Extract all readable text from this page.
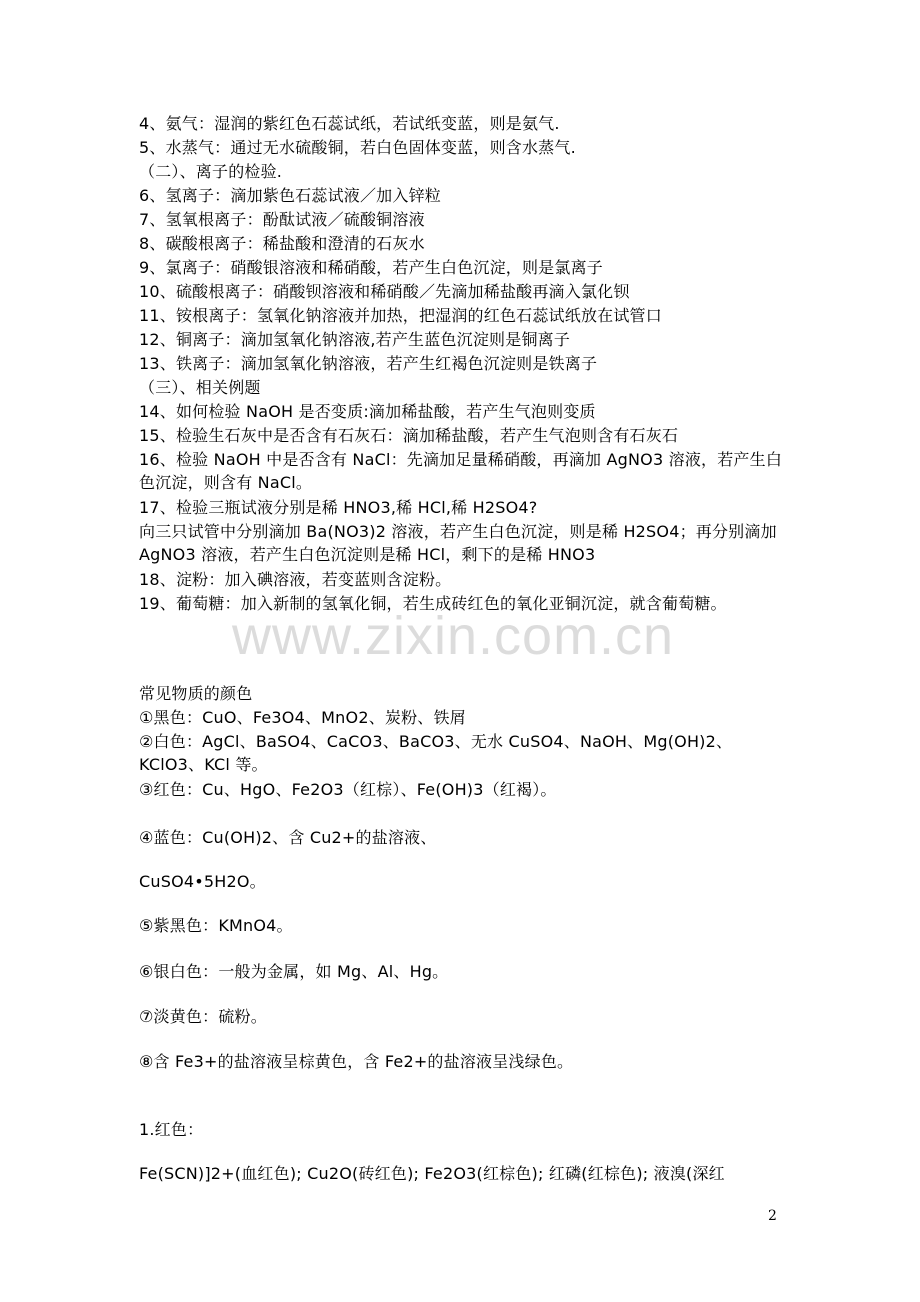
www.zixin.com.cn
4、氨气：湿润的紫红色石蕊试纸，若试纸变蓝，则是氨气.
5、水蒸气：通过无水硫酸铜，若白色固体变蓝，则含水蒸气.
（二）、离子的检验.
6、氢离子：滴加紫色石蕊试液／加入锌粒
7、氢氧根离子：酚酞试液／硫酸铜溶液
8、碳酸根离子：稀盐酸和澄清的石灰水
9、氯离子：硝酸银溶液和稀硝酸，若产生白色沉淀，则是氯离子
10、硫酸根离子：硝酸钡溶液和稀硝酸／先滴加稀盐酸再滴入氯化钡
11、铵根离子：氢氧化钠溶液并加热，把湿润的红色石蕊试纸放在试管口
12、铜离子：滴加氢氧化钠溶液,若产生蓝色沉淀则是铜离子
13、铁离子：滴加氢氧化钠溶液，若产生红褐色沉淀则是铁离子
（三）、相关例题
14、如何检验 NaOH 是否变质:滴加稀盐酸，若产生气泡则变质
15、检验生石灰中是否含有石灰石：滴加稀盐酸，若产生气泡则含有石灰石
16、检验 NaOH 中是否含有 NaCl：先滴加足量稀硝酸，再滴加 AgNO3 溶液，若产生白色沉淀，则含有 NaCl。
17、检验三瓶试液分别是稀 HNO3,稀 HCl,稀 H2SO4?
向三只试管中分别滴加 Ba(NO3)2 溶液，若产生白色沉淀，则是稀 H2SO4；再分别滴加 AgNO3 溶液，若产生白色沉淀则是稀 HCl，剩下的是稀 HNO3
18、淀粉：加入碘溶液，若变蓝则含淀粉。
19、葡萄糖：加入新制的氢氧化铜，若生成砖红色的氧化亚铜沉淀，就含葡萄糖。
常见物质的颜色
①黑色：CuO、Fe3O4、MnO2、炭粉、铁屑
②白色：AgCl、BaSO4、CaCO3、BaCO3、无水 CuSO4、NaOH、Mg(OH)2、KClO3、KCl 等。
③红色：Cu、HgO、Fe2O3（红棕）、Fe(OH)3（红褐）。
④蓝色：Cu(OH)2、含 Cu2+的盐溶液、
CuSO4•5H2O。
⑤紫黑色：KMnO4。
⑥银白色：一般为金属，如 Mg、Al、Hg。
⑦淡黄色：硫粉。
⑧含 Fe3+的盐溶液呈棕黄色，含 Fe2+的盐溶液呈浅绿色。
1.红色：
Fe(SCN)]2+(血红色); Cu2O(砖红色); Fe2O3(红棕色); 红磷(红棕色); 液溴(深红
2
